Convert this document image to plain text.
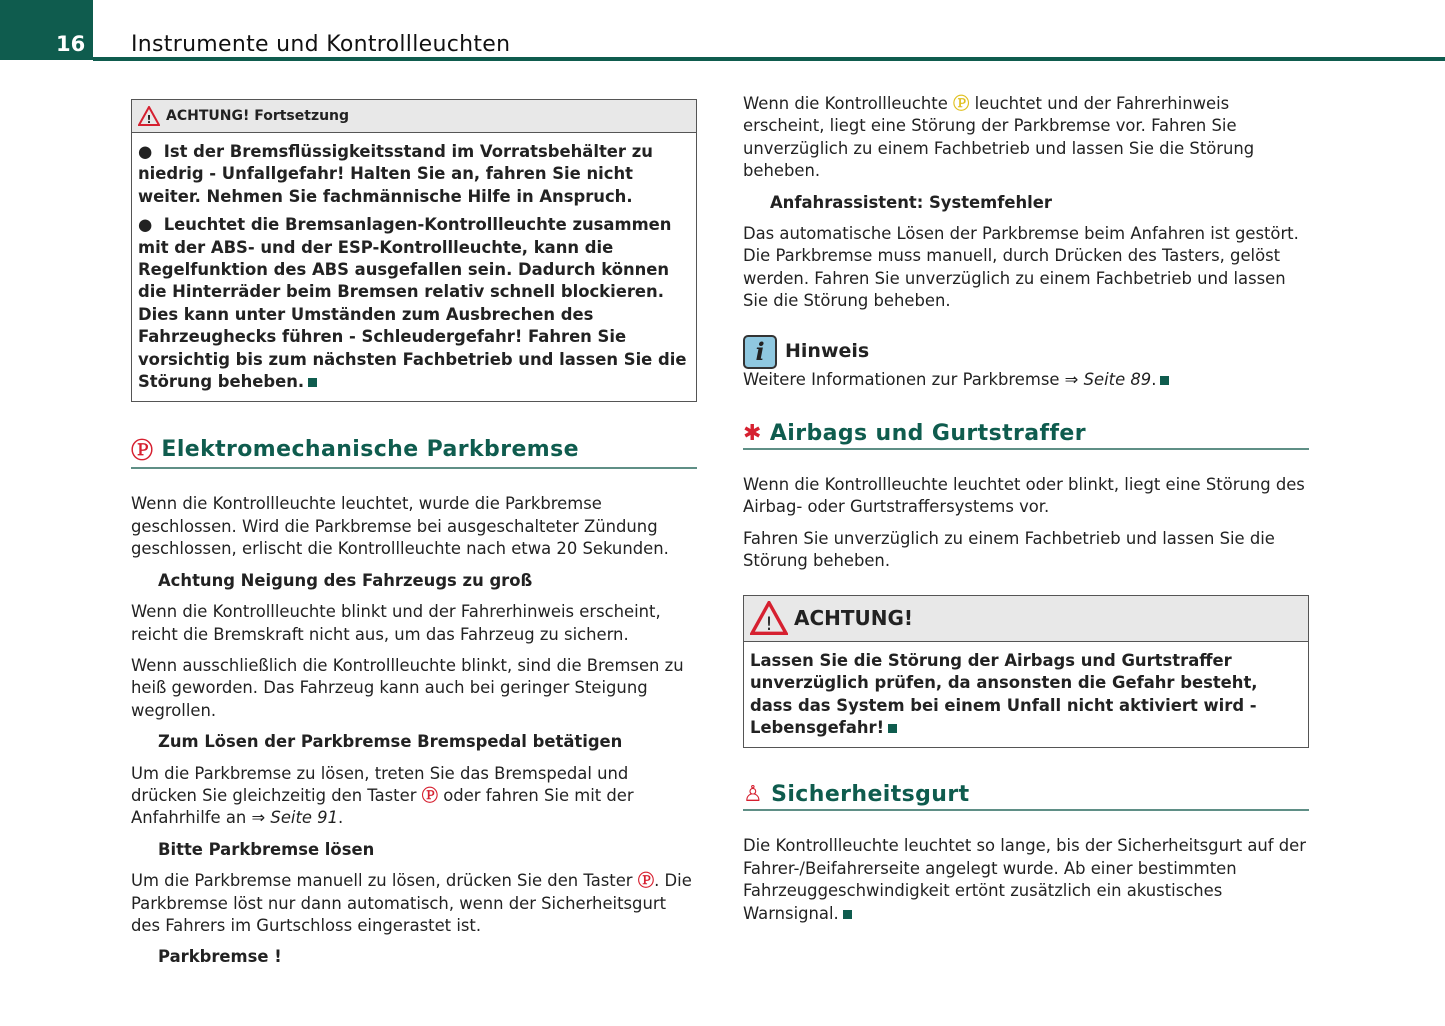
16 Instrumente und Kontrollleuchten
! ACHTUNG! Fortsetzung

●  Ist der Bremsflüssigkeitsstand im Vorratsbehälter zu niedrig - Unfallgefahr! Halten Sie an, fahren Sie nicht weiter. Nehmen Sie fachmännische Hilfe in Anspruch.

●  Leuchtet die Bremsanlagen-Kontrollleuchte zusammen mit der ABS- und der ESP-Kontrollleuchte, kann die Regelfunktion des ABS ausgefallen sein. Dadurch können die Hinterräder beim Bremsen relativ schnell blockieren. Dies kann unter Umständen zum Ausbrechen des Fahrzeughecks führen - Schleudergefahr! Fahren Sie vorsichtig bis zum nächsten Fachbetrieb und lassen Sie die Störung beheben.

Ⓟ Elektromechanische Parkbremse

Wenn die Kontrollleuchte leuchtet, wurde die Parkbremse geschlossen. Wird die Parkbremse bei ausgeschalteter Zündung geschlossen, erlischt die Kontrollleuchte nach etwa 20 Sekunden.

Achtung Neigung des Fahrzeugs zu groß

Wenn die Kontrollleuchte blinkt und der Fahrerhinweis erscheint, reicht die Bremskraft nicht aus, um das Fahrzeug zu sichern.

Wenn ausschließlich die Kontrollleuchte blinkt, sind die Bremsen zu heiß geworden. Das Fahrzeug kann auch bei geringer Steigung wegrollen.

Zum Lösen der Parkbremse Bremspedal betätigen

Um die Parkbremse zu lösen, treten Sie das Bremspedal und drücken Sie gleichzeitig den Taster Ⓟ oder fahren Sie mit der Anfahrhilfe an ⇒ Seite 91.

Bitte Parkbremse lösen

Um die Parkbremse manuell zu lösen, drücken Sie den Taster Ⓟ. Die Parkbremse löst nur dann automatisch, wenn der Sicherheitsgurt des Fahrers im Gurtschloss eingerastet ist.

Parkbremse !

Wenn die Kontrollleuchte Ⓟ leuchtet und der Fahrerhinweis erscheint, liegt eine Störung der Parkbremse vor. Fahren Sie unverzüglich zu einem Fachbetrieb und lassen Sie die Störung beheben.

Anfahrassistent: Systemfehler

Das automatische Lösen der Parkbremse beim Anfahren ist gestört. Die Parkbremse muss manuell, durch Drücken des Tasters, gelöst werden. Fahren Sie unverzüglich zu einem Fachbetrieb und lassen Sie die Störung beheben.

i	Hinweis

Weitere Informationen zur Parkbremse ⇒ Seite 89.

✱ Airbags und Gurtstraffer

Wenn die Kontrollleuchte leuchtet oder blinkt, liegt eine Störung des Airbag- oder Gurtstraffersystems vor.

Fahren Sie unverzüglich zu einem Fachbetrieb und lassen Sie die Störung beheben.

! ACHTUNG!

Lassen Sie die Störung der Airbags und Gurtstraffer unverzüglich prüfen, da ansonsten die Gefahr besteht, dass das System bei einem Unfall nicht aktiviert wird - Lebensgefahr!

♙ Sicherheitsgurt

Die Kontrollleuchte leuchtet so lange, bis der Sicherheitsgurt auf der Fahrer-/Beifahrerseite angelegt wurde. Ab einer bestimmten Fahrzeuggeschwindigkeit ertönt zusätzlich ein akustisches Warnsignal.
